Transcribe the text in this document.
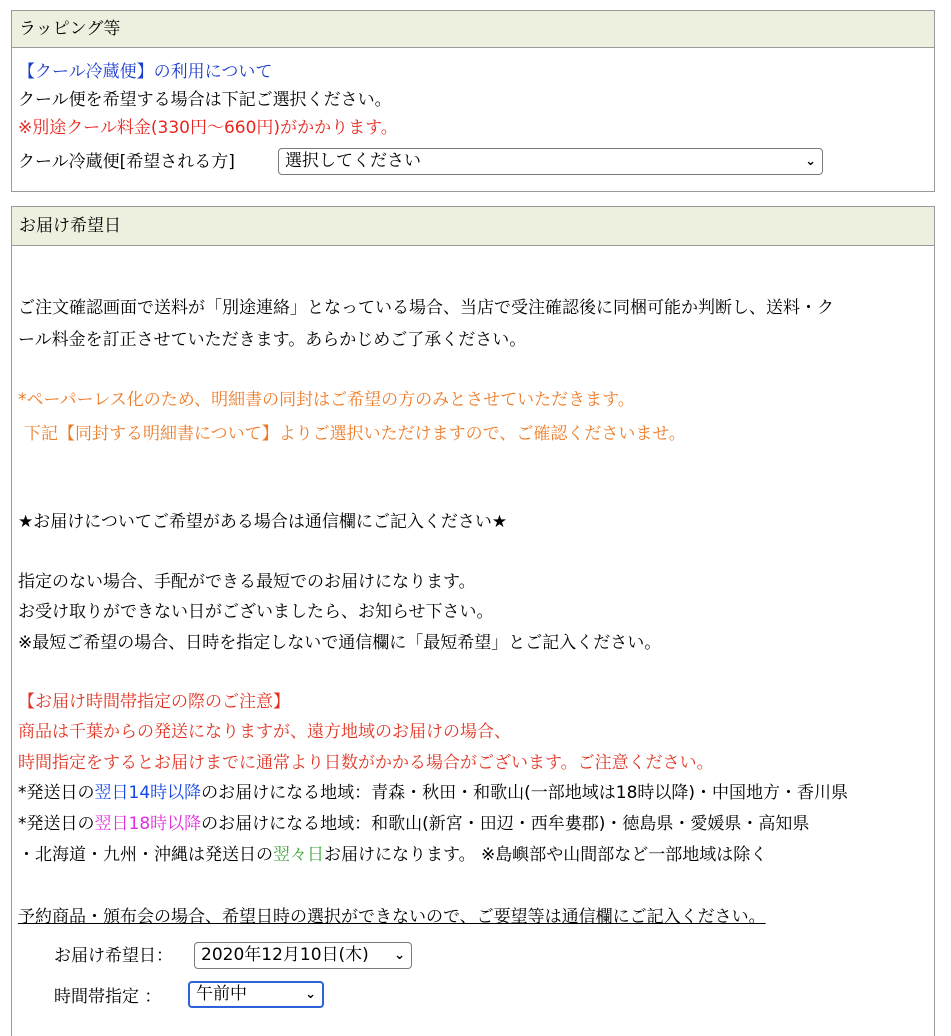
ラッピング等
【クール冷蔵便】の利用について
クール便を希望する場合は下記ご選択ください。
※別途クール料金(330円～660円)がかかります。
クール冷蔵便[希望される方]	選択してください	⌄
お届け希望日
ご注文確認画面で送料が「別途連絡」となっている場合、当店で受注確認後に同梱可能か判断し、送料・ク
ール料金を訂正させていただきます。あらかじめご了承ください。
*ペーパーレス化のため、明細書の同封はご希望の方のみとさせていただきます。
下記【同封する明細書について】よりご選択いただけますので、ご確認くださいませ。
★お届けについてご希望がある場合は通信欄にご記入ください★
指定のない場合、手配ができる最短でのお届けになります。
お受け取りができない日がございましたら、お知らせ下さい。
※最短ご希望の場合、日時を指定しないで通信欄に「最短希望」とご記入ください。
【お届け時間帯指定の際のご注意】
商品は千葉からの発送になりますが、遠方地域のお届けの場合、
時間指定をするとお届けまでに通常より日数がかかる場合がございます。ご注意ください。
*発送日の翌日14時以降のお届けになる地域：青森・秋田・和歌山(一部地域は18時以降)・中国地方・香川県
*発送日の翌日18時以降のお届けになる地域：和歌山(新宮・田辺・西牟婁郡)・徳島県・愛媛県・高知県
・北海道・九州・沖縄は発送日の翌々日お届けになります。 ※島嶼部や山間部など一部地域は除く
予約商品・頒布会の場合、希望日時の選択ができないので、ご要望等は通信欄にご記入ください。
お届け希望日：	2020年12月10日(木) ⌄
時間帯指定 ：	午前中	⌄
